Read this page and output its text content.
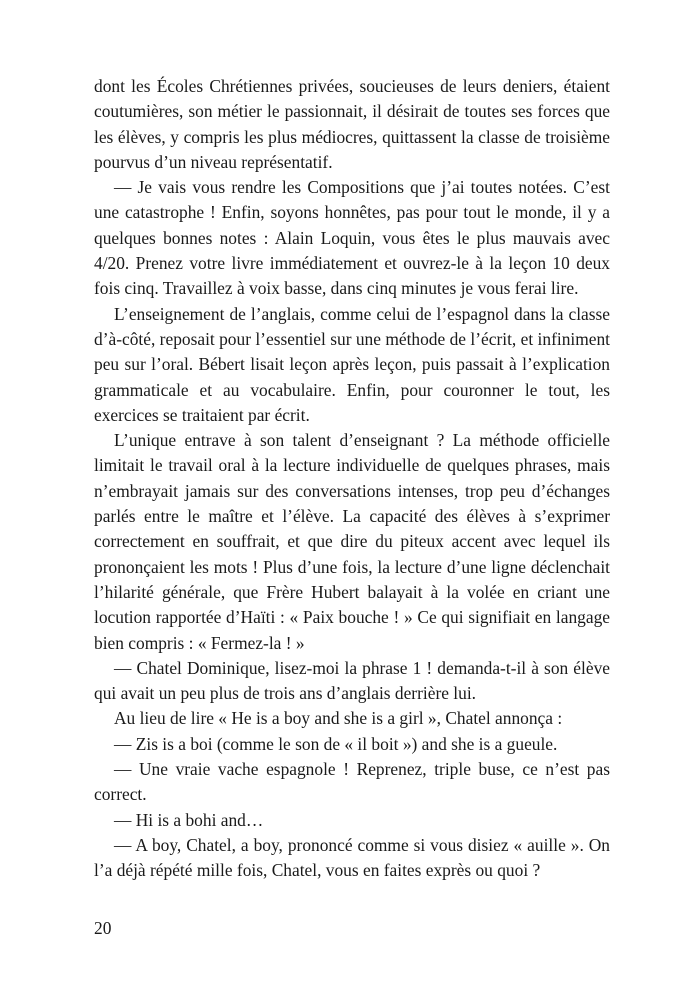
dont les Écoles Chrétiennes privées, soucieuses de leurs deniers, étaient coutumières, son métier le passionnait, il désirait de toutes ses forces que les élèves, y compris les plus médiocres, quittassent la classe de troisième pourvus d’un niveau représentatif.

— Je vais vous rendre les Compositions que j’ai toutes notées. C’est une catastrophe ! Enfin, soyons honnêtes, pas pour tout le monde, il y a quelques bonnes notes : Alain Loquin, vous êtes le plus mauvais avec 4/20. Prenez votre livre immédiatement et ouvrez-le à la leçon 10 deux fois cinq. Travaillez à voix basse, dans cinq minutes je vous ferai lire.

L’enseignement de l’anglais, comme celui de l’espagnol dans la classe d’à-côté, reposait pour l’essentiel sur une méthode de l’écrit, et infiniment peu sur l’oral. Bébert lisait leçon après leçon, puis passait à l’explication grammaticale et au vocabulaire. Enfin, pour couronner le tout, les exercices se traitaient par écrit.

L’unique entrave à son talent d’enseignant ? La méthode officielle limitait le travail oral à la lecture individuelle de quelques phrases, mais n’embrayait jamais sur des conversations intenses, trop peu d’échanges parlés entre le maître et l’élève. La capacité des élèves à s’exprimer correctement en souffrait, et que dire du piteux accent avec lequel ils prononçaient les mots ! Plus d’une fois, la lecture d’une ligne déclenchait l’hilarité générale, que Frère Hubert balayait à la volée en criant une locution rapportée d’Haïti : « Paix bouche ! » Ce qui signifiait en langage bien compris : « Fermez-la ! »

— Chatel Dominique, lisez-moi la phrase 1 ! demanda-t-il à son élève qui avait un peu plus de trois ans d’anglais derrière lui.

Au lieu de lire « He is a boy and she is a girl », Chatel annonça :

— Zis is a boi (comme le son de « il boit ») and she is a gueule.

— Une vraie vache espagnole ! Reprenez, triple buse, ce n’est pas correct.

— Hi is a bohi and…

— A boy, Chatel, a boy, prononcé comme si vous disiez « auille ». On l’a déjà répété mille fois, Chatel, vous en faites exprès ou quoi ?

20
